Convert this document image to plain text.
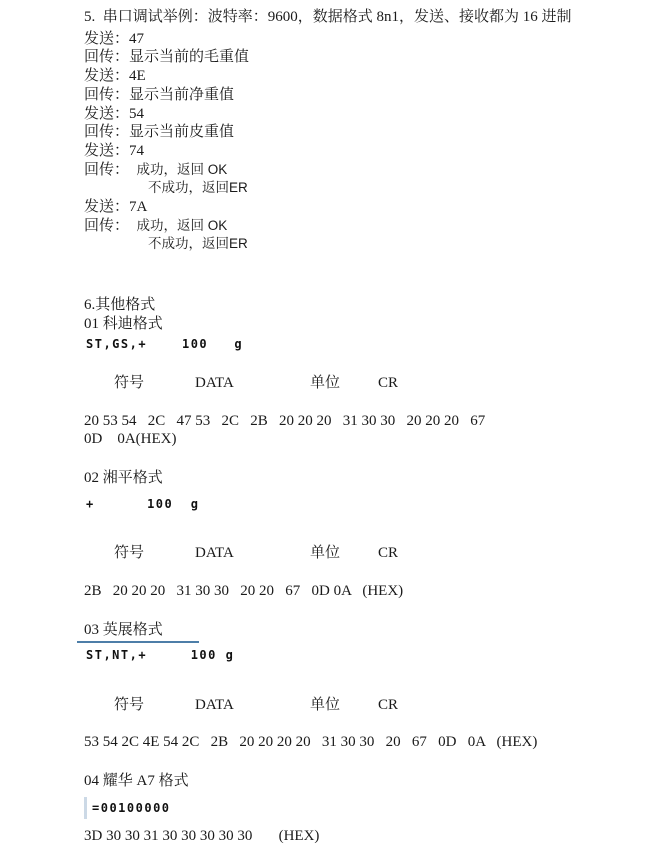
5.  串口调试举例：波特率：9600，数据格式 8n1，发送、接收都为 16 进制
发送：47
回传：显示当前的毛重值
发送：4E
回传：显示当前净重值
发送：54
回传：显示当前皮重值
发送：74
回传：  成功，返回 OK
不成功，返回ER
发送：7A
回传：  成功，返回 OK
不成功，返回ER
6.其他格式
01 科迪格式
ST,GS,+    100   g

符号	DATA	单位	CR

20 53 54   2C   47 53   2C   2B   20 20 20   31 30 30   20 20 20   67
0D    0A(HEX)
02 湘平格式
+      100  g

符号	DATA	单位	CR

2B   20 20 20   31 30 30   20 20   67   0D 0A   (HEX)
03 英展格式
ST,NT,+     100 g

符号	DATA	单位	CR

53 54 2C 4E 54 2C   2B   20 20 20 20   31 30 30   20   67   0D   0A   (HEX)
04 耀华 A7 格式
=00100000
3D 30 30 31 30 30 30 30 30       (HEX)
